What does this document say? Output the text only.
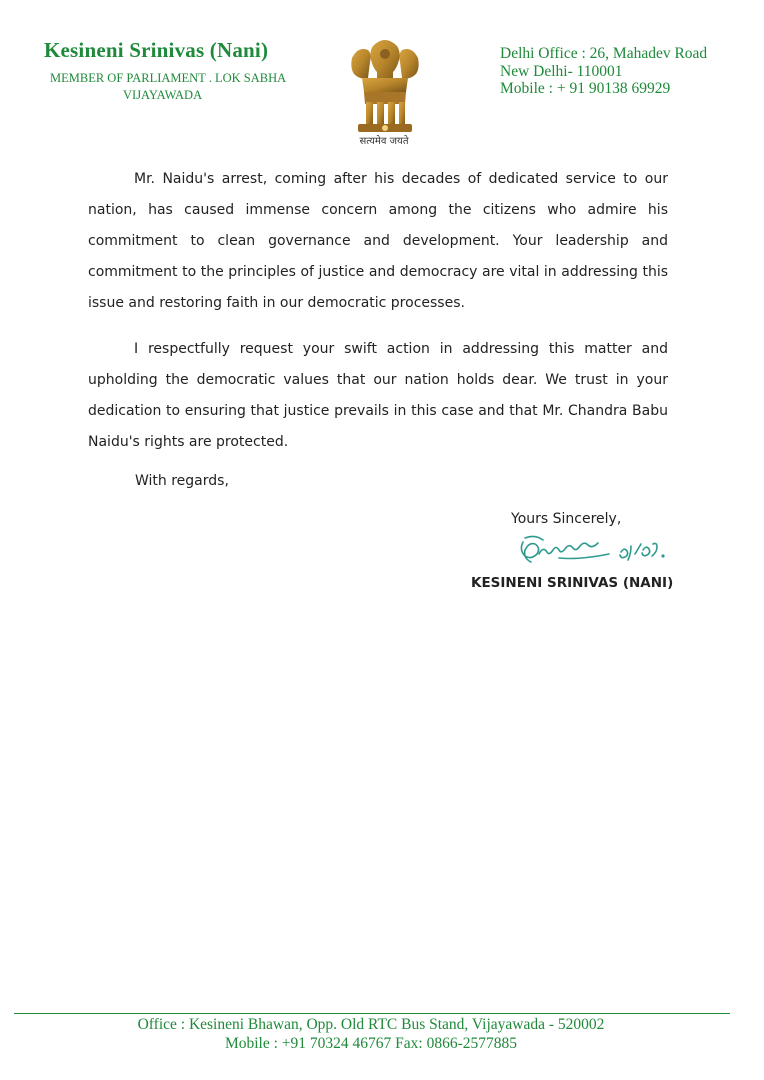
Kesineni Srinivas (Nani)
MEMBER OF PARLIAMENT . LOK SABHA
VIJAYAWADA
सत्यमेव जयते
Delhi Office : 26, Mahadev Road
New Delhi- 110001
Mobile : + 91 90138 69929

Mr. Naidu's arrest, coming after his decades of dedicated service to our nation, has caused immense concern among the citizens who admire his commitment to clean governance and development. Your leadership and commitment to the principles of justice and democracy are vital in addressing this issue and restoring faith in our democratic processes.

I respectfully request your swift action in addressing this matter and upholding the democratic values that our nation holds dear. We trust in your dedication to ensuring that justice prevails in this case and that Mr. Chandra Babu Naidu's rights are protected.

With regards,
Yours Sincerely,
KESINENI SRINIVAS (NANI)
Office : Kesineni Bhawan, Opp. Old RTC Bus Stand, Vijayawada - 520002
Mobile : +91 70324 46767 Fax: 0866-2577885
